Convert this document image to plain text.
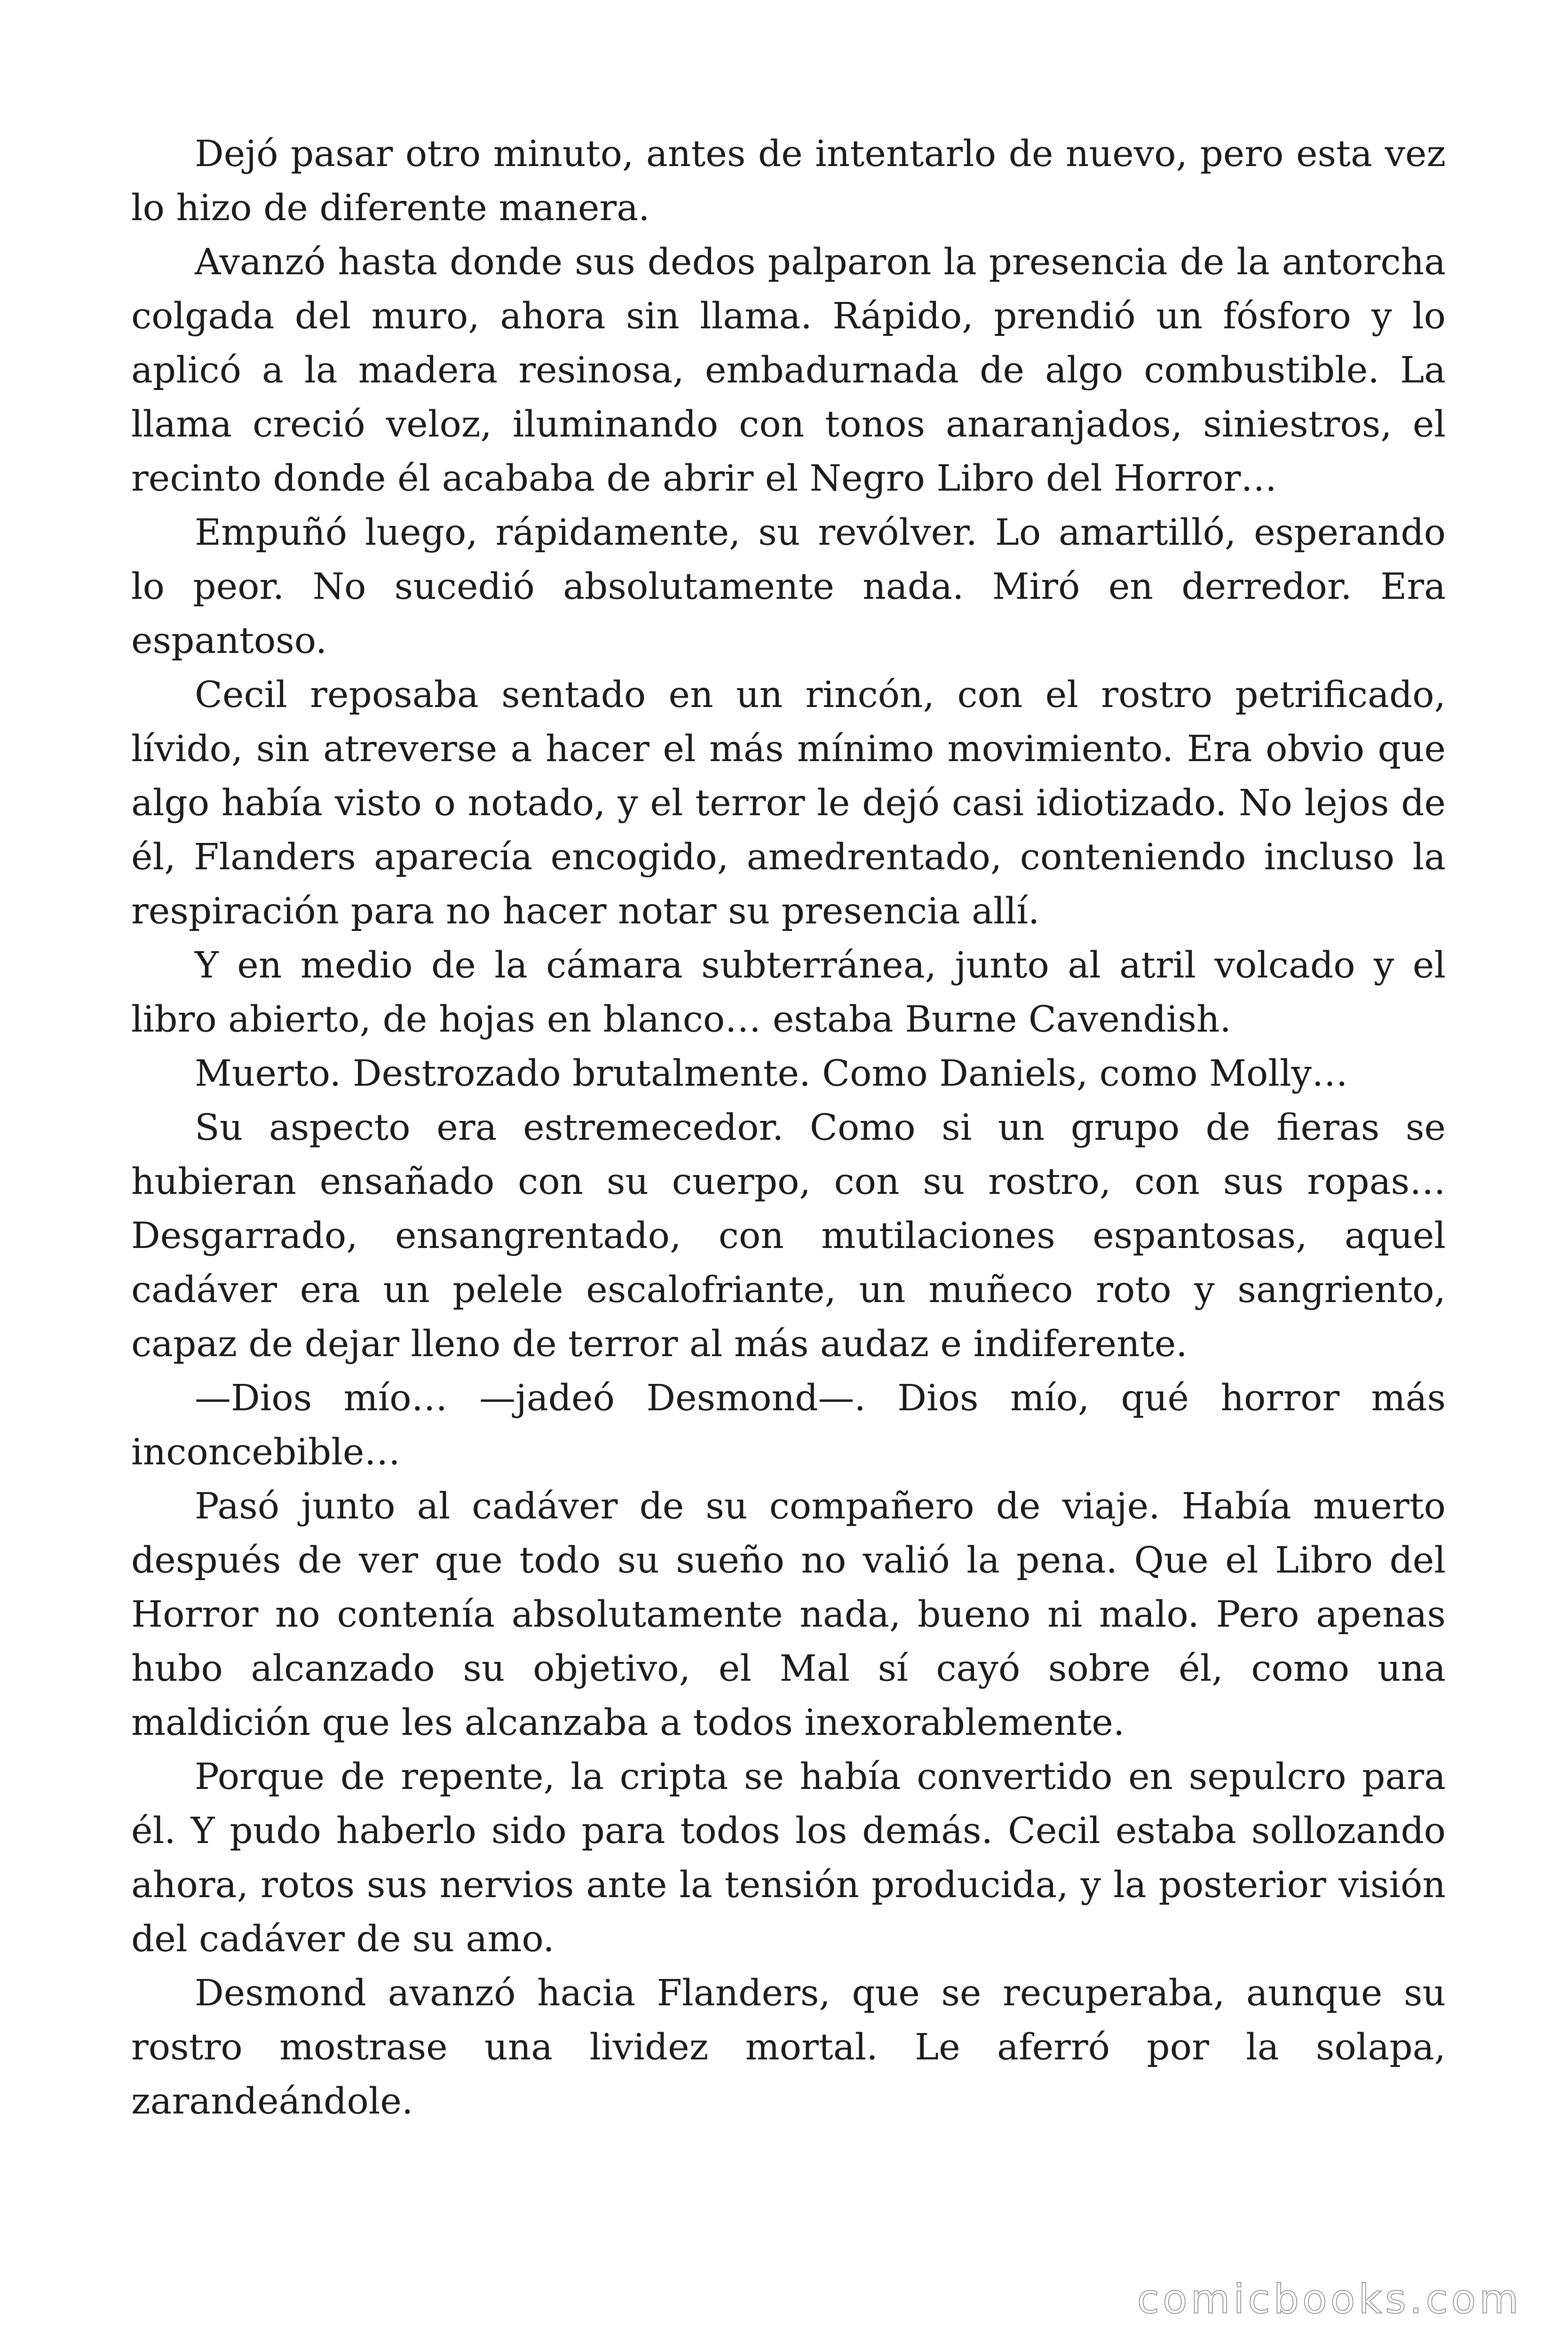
Dejó pasar otro minuto, antes de intentarlo de nuevo, pero esta vez lo hizo de diferente manera.

Avanzó hasta donde sus dedos palparon la presencia de la antorcha colgada del muro, ahora sin llama. Rápido, prendió un fósforo y lo aplicó a la madera resinosa, embadurnada de algo combustible. La llama creció veloz, iluminando con tonos anaranjados, siniestros, el recinto donde él acababa de abrir el Negro Libro del Horror…

Empuñó luego, rápidamente, su revólver. Lo amartilló, esperando lo peor. No sucedió absolutamente nada. Miró en derredor. Era espantoso.

Cecil reposaba sentado en un rincón, con el rostro petrificado, lívido, sin atreverse a hacer el más mínimo movimiento. Era obvio que algo había visto o notado, y el terror le dejó casi idiotizado. No lejos de él, Flanders aparecía encogido, amedrentado, conteniendo incluso la respiración para no hacer notar su presencia allí.

Y en medio de la cámara subterránea, junto al atril volcado y el libro abierto, de hojas en blanco… estaba Burne Cavendish.

Muerto. Destrozado brutalmente. Como Daniels, como Molly…

Su aspecto era estremecedor. Como si un grupo de fieras se hubieran ensañado con su cuerpo, con su rostro, con sus ropas… Desgarrado, ensangrentado, con mutilaciones espantosas, aquel cadáver era un pelele escalofriante, un muñeco roto y sangriento, capaz de dejar lleno de terror al más audaz e indiferente.

—Dios mío… —jadeó Desmond—. Dios mío, qué horror más inconcebible…

Pasó junto al cadáver de su compañero de viaje. Había muerto después de ver que todo su sueño no valió la pena. Que el Libro del Horror no contenía absolutamente nada, bueno ni malo. Pero apenas hubo alcanzado su objetivo, el Mal sí cayó sobre él, como una maldición que les alcanzaba a todos inexorablemente.

Porque de repente, la cripta se había convertido en sepulcro para él. Y pudo haberlo sido para todos los demás. Cecil estaba sollozando ahora, rotos sus nervios ante la tensión producida, y la posterior visión del cadáver de su amo.

Desmond avanzó hacia Flanders, que se recuperaba, aunque su rostro mostrase una lividez mortal. Le aferró por la solapa, zarandeándole.

comicbooks.com
